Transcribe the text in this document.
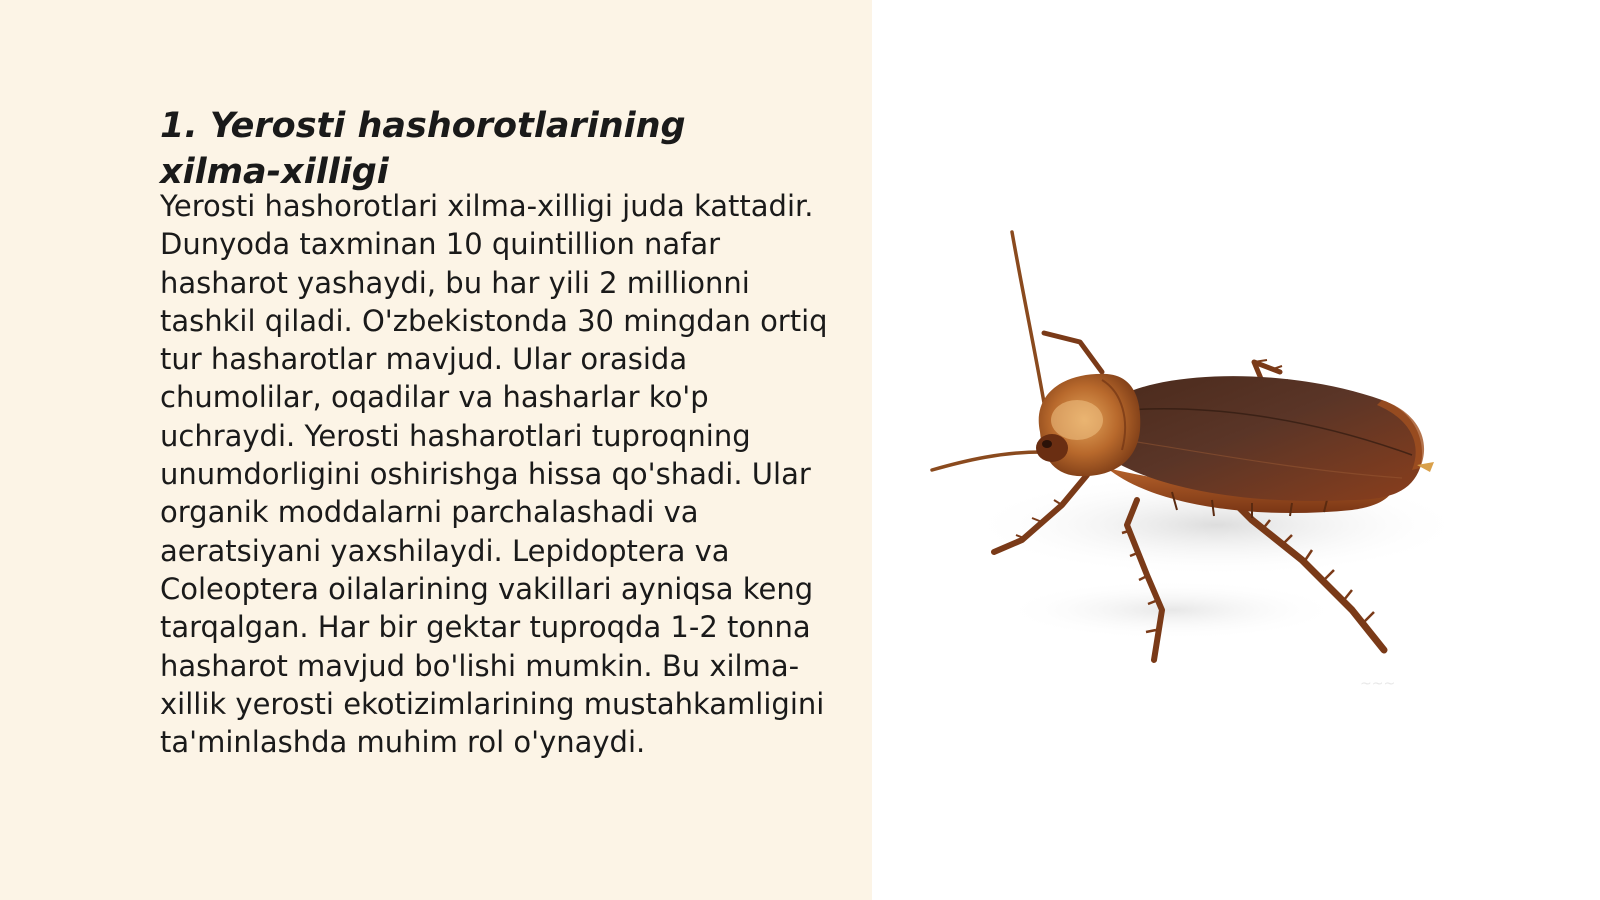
1. Yerosti hashorotlarining xilma-xilligi

Yerosti hashorotlari xilma-xilligi juda kattadir. Dunyoda taxminan 10 quintillion nafar hasharot yashaydi, bu har yili 2 millionni tashkil qiladi. O'zbekistonda 30 mingdan ortiq tur hasharotlar mavjud. Ular orasida chumolilar, oqadilar va hasharlar ko'p uchraydi. Yerosti hasharotlari tuproqning unumdorligini oshirishga hissa qo'shadi. Ular organik moddalarni parchalashadi va aeratsiyani yaxshilaydi. Lepidoptera va Coleoptera oilalarining vakillari ayniqsa keng tarqalgan. Har bir gektar tuproqda 1-2 tonna hasharot mavjud bo'lishi mumkin. Bu xilma-xillik yerosti ekotizimlarining mustahkamligini ta'minlashda muhim rol o'ynaydi.

~~~
